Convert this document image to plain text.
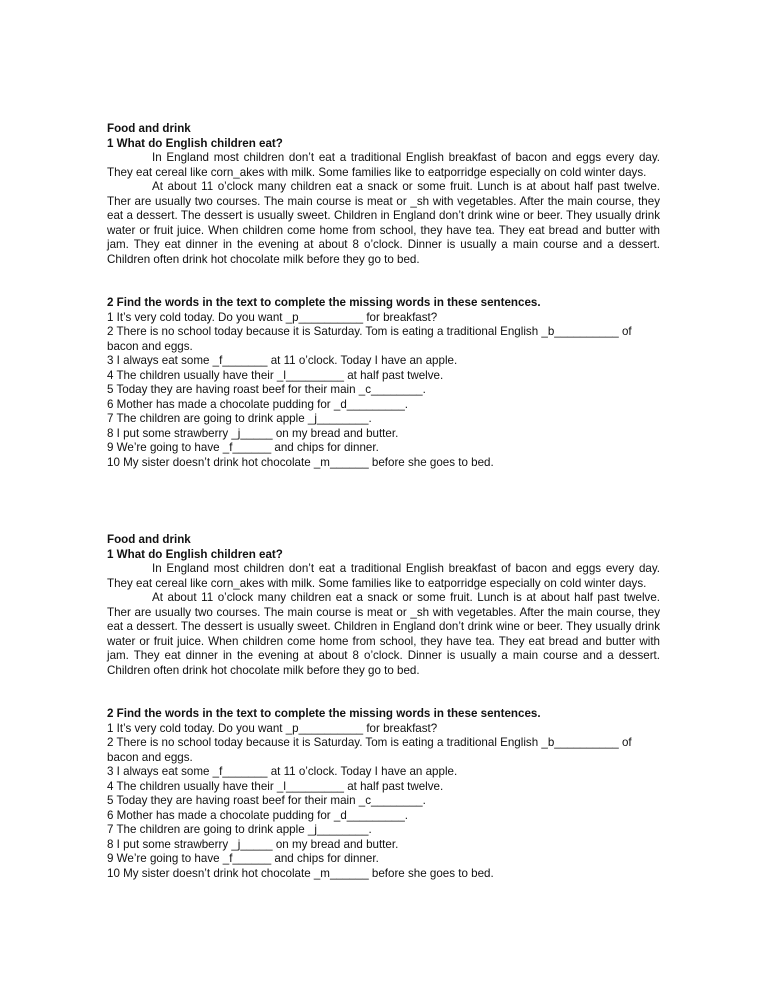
Food and drink

1 What do English children eat?

In England most children don’t eat a traditional English breakfast of bacon and eggs every day. They eat cereal like corn_akes with milk. Some families like to eatporridge especially on cold winter days.

At about 11 o’clock many children eat a snack or some fruit. Lunch is at about half past twelve. Ther are usually two courses. The main course is meat or _sh with vegetables. After the main course, they eat a dessert. The dessert is usually sweet. Children in England don’t drink wine or beer. They usually drink water or fruit juice. When children come home from school, they have tea. They eat bread and butter with jam. They eat dinner in the evening at about 8 o’clock. Dinner is usually a main course and a dessert. Children often drink hot chocolate milk before they go to bed.

2 Find the words in the text to complete the missing words in these sentences.

1 It’s very cold today. Do you want _p__________ for breakfast?
2 There is no school today because it is Saturday. Tom is eating a traditional English _b__________ of bacon and eggs.
3 I always eat some _f_______ at 11 o’clock. Today I have an apple.
4 The children usually have their _l_________ at half past twelve.
5 Today they are having roast beef for their main _c________.
6 Mother has made a chocolate pudding for _d_________.
7 The children are going to drink apple _j________.
8 I put some strawberry _j_____ on my bread and butter.
9 We’re going to have _f______ and chips for dinner.
10 My sister doesn’t drink hot chocolate _m______ before she goes to bed.

Food and drink

1 What do English children eat?

In England most children don’t eat a traditional English breakfast of bacon and eggs every day. They eat cereal like corn_akes with milk. Some families like to eatporridge especially on cold winter days.

At about 11 o’clock many children eat a snack or some fruit. Lunch is at about half past twelve. Ther are usually two courses. The main course is meat or _sh with vegetables. After the main course, they eat a dessert. The dessert is usually sweet. Children in England don’t drink wine or beer. They usually drink water or fruit juice. When children come home from school, they have tea. They eat bread and butter with jam. They eat dinner in the evening at about 8 o’clock. Dinner is usually a main course and a dessert. Children often drink hot chocolate milk before they go to bed.

2 Find the words in the text to complete the missing words in these sentences.

1 It’s very cold today. Do you want _p__________ for breakfast?
2 There is no school today because it is Saturday. Tom is eating a traditional English _b__________ of bacon and eggs.
3 I always eat some _f_______ at 11 o’clock. Today I have an apple.
4 The children usually have their _l_________ at half past twelve.
5 Today they are having roast beef for their main _c________.
6 Mother has made a chocolate pudding for _d_________.
7 The children are going to drink apple _j________.
8 I put some strawberry _j_____ on my bread and butter.
9 We’re going to have _f______ and chips for dinner.
10 My sister doesn’t drink hot chocolate _m______ before she goes to bed.
